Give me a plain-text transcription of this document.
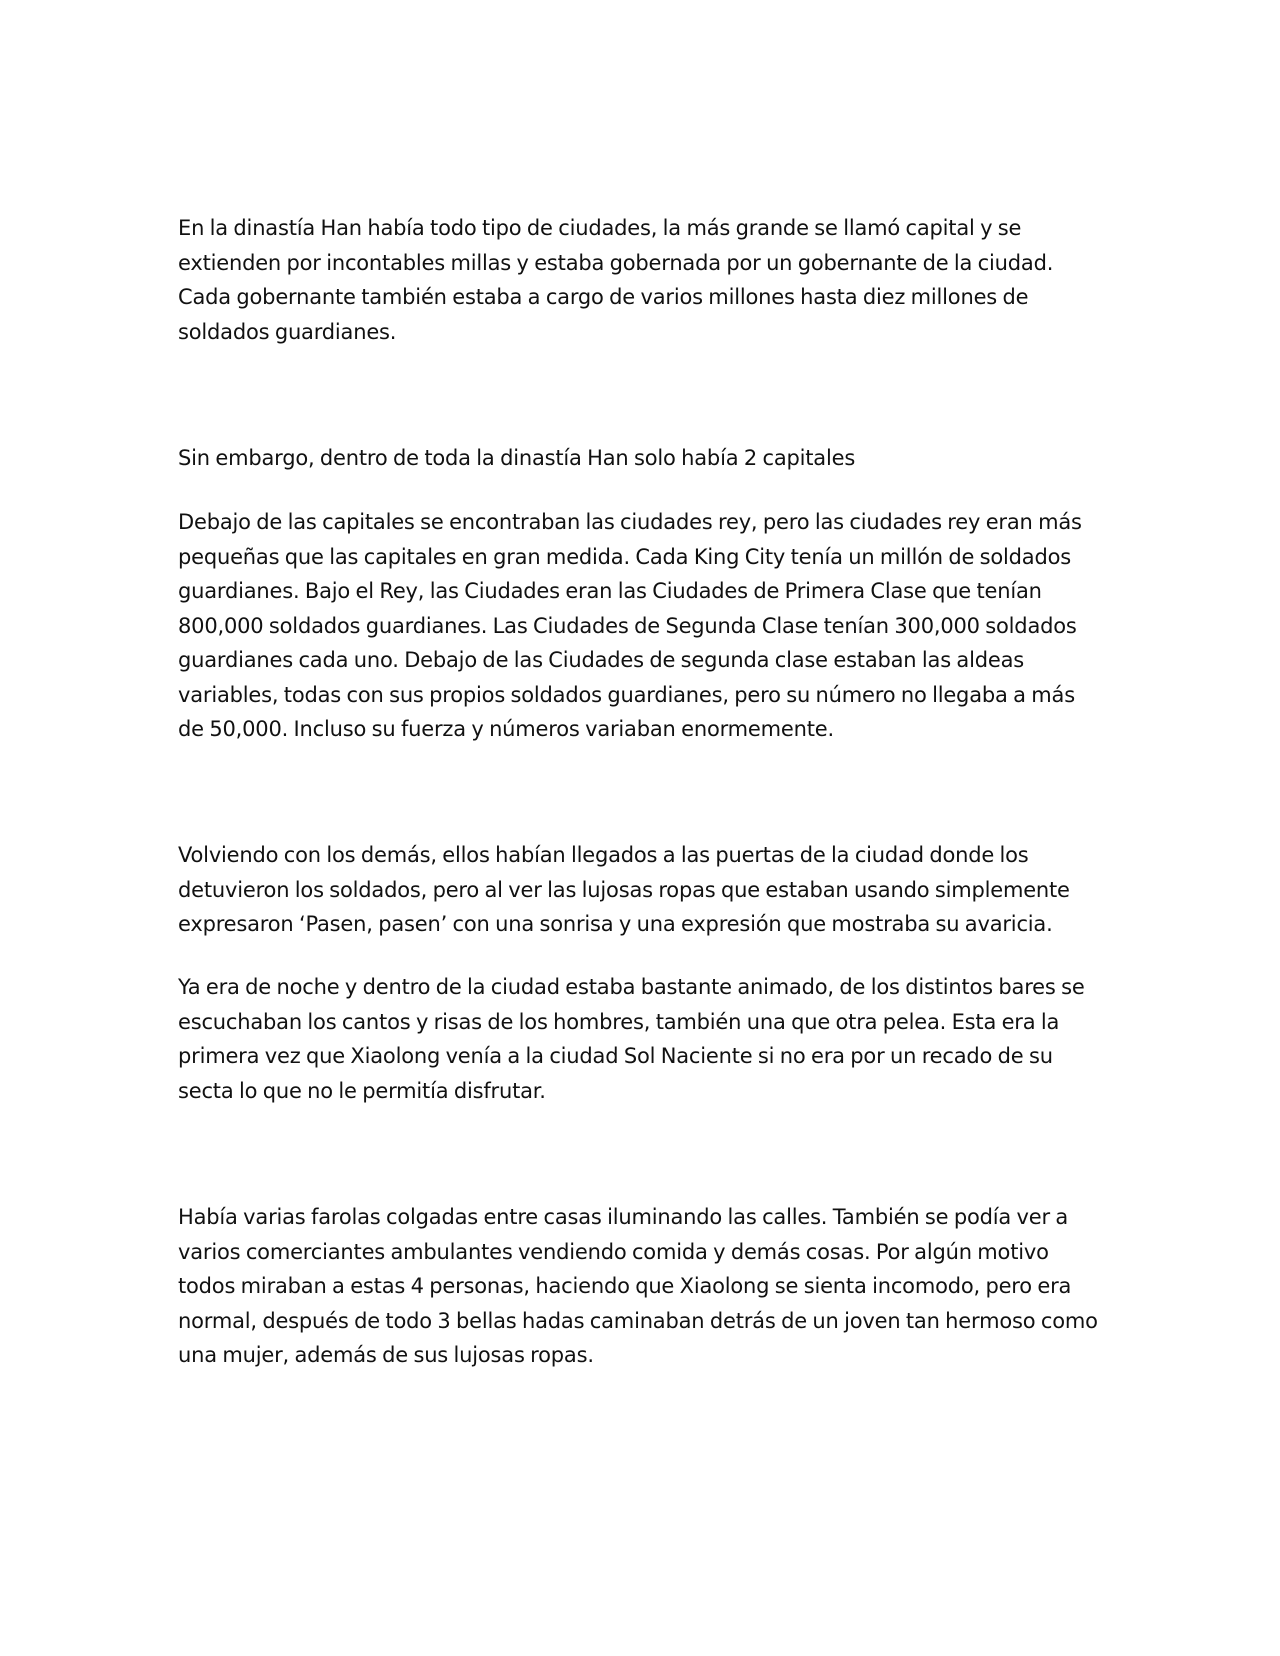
En la dinastía Han había todo tipo de ciudades, la más grande se llamó capital y se extienden por incontables millas y estaba gobernada por un gobernante de la ciudad. Cada gobernante también estaba a cargo de varios millones hasta diez millones de soldados guardianes.

Sin embargo, dentro de toda la dinastía Han solo había 2 capitales

Debajo de las capitales se encontraban las ciudades rey, pero las ciudades rey eran más pequeñas que las capitales en gran medida. Cada King City tenía un millón de soldados guardianes. Bajo el Rey, las Ciudades eran las Ciudades de Primera Clase que tenían 800,000 soldados guardianes. Las Ciudades de Segunda Clase tenían 300,000 soldados guardianes cada uno. Debajo de las Ciudades de segunda clase estaban las aldeas variables, todas con sus propios soldados guardianes, pero su número no llegaba a más de 50,000. Incluso su fuerza y números variaban enormemente.

Volviendo con los demás, ellos habían llegados a las puertas de la ciudad donde los detuvieron los soldados, pero al ver las lujosas ropas que estaban usando simplemente expresaron ‘Pasen, pasen’ con una sonrisa y una expresión que mostraba su avaricia.

Ya era de noche y dentro de la ciudad estaba bastante animado, de los distintos bares se escuchaban los cantos y risas de los hombres, también una que otra pelea. Esta era la primera vez que Xiaolong venía a la ciudad Sol Naciente si no era por un recado de su secta lo que no le permitía disfrutar.

Había varias farolas colgadas entre casas iluminando las calles. También se podía ver a varios comerciantes ambulantes vendiendo comida y demás cosas. Por algún motivo todos miraban a estas 4 personas, haciendo que Xiaolong se sienta incomodo, pero era normal, después de todo 3 bellas hadas caminaban detrás de un joven tan hermoso como una mujer, además de sus lujosas ropas.
